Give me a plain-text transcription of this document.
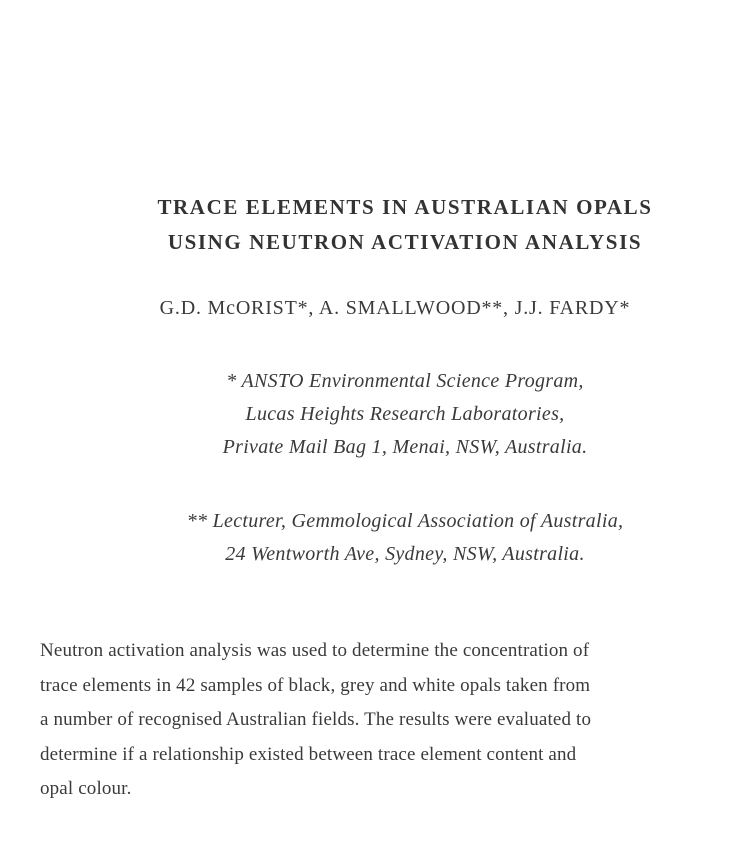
TRACE ELEMENTS IN AUSTRALIAN OPALS
USING NEUTRON ACTIVATION ANALYSIS
G.D. McORIST*, A. SMALLWOOD**, J.J. FARDY*
* ANSTO Environmental Science Program,
Lucas Heights Research Laboratories,
Private Mail Bag 1, Menai, NSW, Australia.
** Lecturer, Gemmological Association of Australia,
24 Wentworth Ave, Sydney, NSW, Australia.
Neutron activation analysis was used to determine the concentration of
trace elements in 42 samples of black, grey and white opals taken from
a number of recognised Australian fields. The results were evaluated to
determine if a relationship existed between trace element content and
opal colour.
